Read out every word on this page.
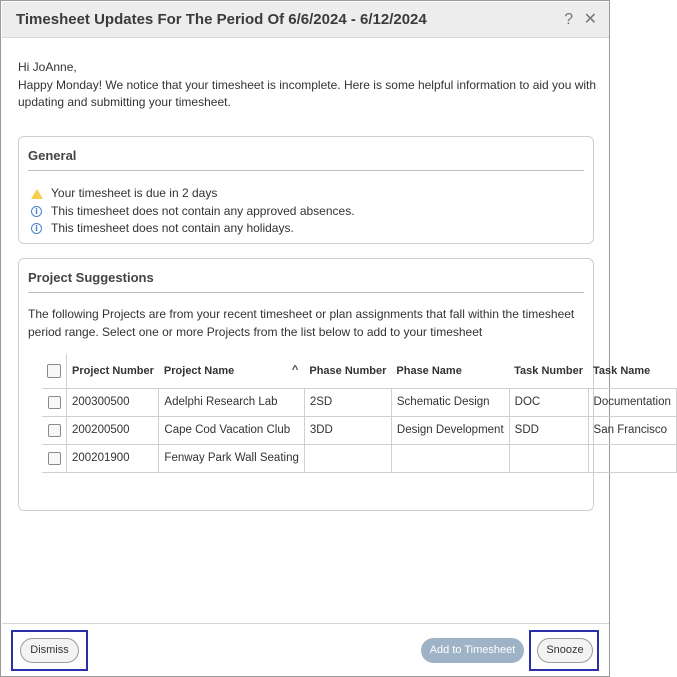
Timesheet Updates For The Period Of 6/6/2024 - 6/12/2024	? ✕
Hi JoAnne,
Happy Monday! We notice that your timesheet is incomplete. Here is some helpful information to aid you with updating and submitting your timesheet.
General
Your timesheet is due in 2 days
i	This timesheet does not contain any approved absences.
i	This timesheet does not contain any holidays.
Project Suggestions
The following Projects are from your recent timesheet or plan assignments that fall within the timesheet period range. Select one or more Projects from the list below to add to your timesheet
	Project Number	Project Name ^	Phase Number	Phase Name	Task Number	Task Name
	200300500	Adelphi Research Lab	2SD	Schematic Design	DOC	Documentation
	200200500	Cape Cod Vacation Club	3DD	Design Development	SDD	San Francisco
	200201900	Fenway Park Wall Seating				
Dismiss	Add to Timesheet	Snooze
